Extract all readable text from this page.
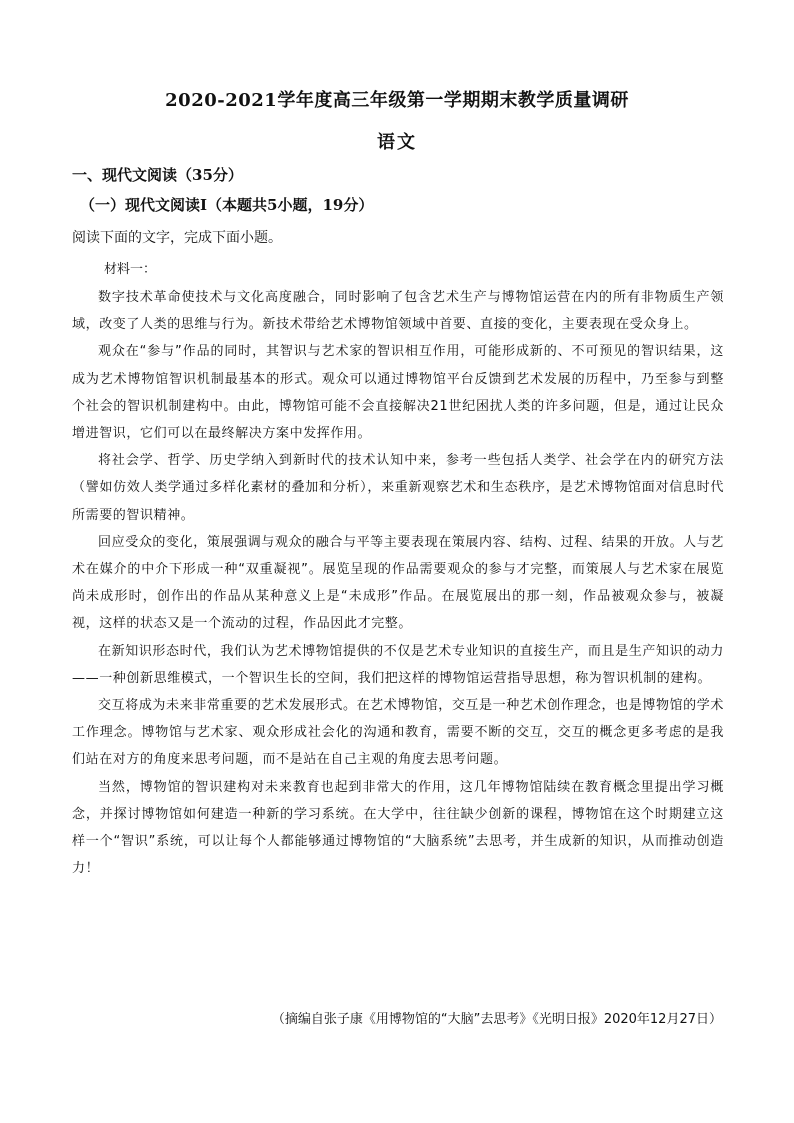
2020-2021学年度高三年级第一学期期末教学质量调研
语文
一、现代文阅读（35分）
（一）现代文阅读Ⅰ（本题共5小题，19分）
阅读下面的文字，完成下面小题。
材料一：

数字技术革命使技术与文化高度融合，同时影响了包含艺术生产与博物馆运营在内的所有非物质生产领域，改变了人类的思维与行为。新技术带给艺术博物馆领域中首要、直接的变化，主要表现在受众身上。

观众在“参与”作品的同时，其智识与艺术家的智识相互作用，可能形成新的、不可预见的智识结果，这成为艺术博物馆智识机制最基本的形式。观众可以通过博物馆平台反馈到艺术发展的历程中，乃至参与到整个社会的智识机制建构中。由此，博物馆可能不会直接解决21世纪困扰人类的许多问题，但是，通过让民众增进智识，它们可以在最终解决方案中发挥作用。

将社会学、哲学、历史学纳入到新时代的技术认知中来，参考一些包括人类学、社会学在内的研究方法（譬如仿效人类学通过多样化素材的叠加和分析），来重新观察艺术和生态秩序，是艺术博物馆面对信息时代所需要的智识精神。

回应受众的变化，策展强调与观众的融合与平等主要表现在策展内容、结构、过程、结果的开放。人与艺术在媒介的中介下形成一种“双重凝视”。展览呈现的作品需要观众的参与才完整，而策展人与艺术家在展览尚未成形时，创作出的作品从某种意义上是“未成形”作品。在展览展出的那一刻，作品被观众参与，被凝视，这样的状态又是一个流动的过程，作品因此才完整。

在新知识形态时代，我们认为艺术博物馆提供的不仅是艺术专业知识的直接生产，而且是生产知识的动力——一种创新思维模式，一个智识生长的空间，我们把这样的博物馆运营指导思想，称为智识机制的建构。

交互将成为未来非常重要的艺术发展形式。在艺术博物馆，交互是一种艺术创作理念，也是博物馆的学术工作理念。博物馆与艺术家、观众形成社会化的沟通和教育，需要不断的交互，交互的概念更多考虑的是我们站在对方的角度来思考问题，而不是站在自己主观的角度去思考问题。

当然，博物馆的智识建构对未来教育也起到非常大的作用，这几年博物馆陆续在教育概念里提出学习概念，并探讨博物馆如何建造一种新的学习系统。在大学中，往往缺少创新的课程，博物馆在这个时期建立这样一个“智识”系统，可以让每个人都能够通过博物馆的“大脑系统”去思考，并生成新的知识，从而推动创造力！

（摘编自张子康《用博物馆的“大脑”去思考》《光明日报》2020年12月27日）
